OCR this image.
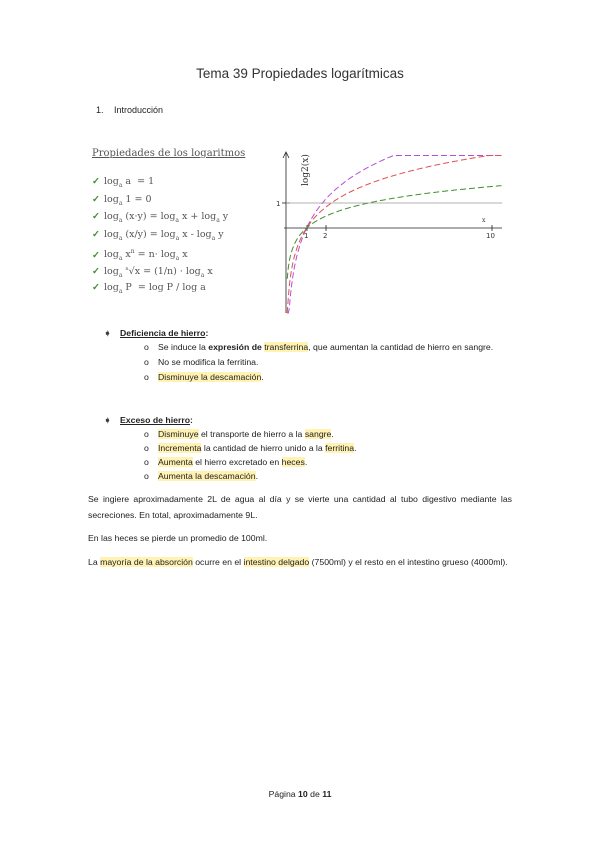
Tema 39 Propiedades logarítmicas
1. Introducción
Propiedades de los logaritmos
✓ $\log_a a = 1$
✓ $\log_a 1 = 0$
✓ $\log_a (x\cdot y) = \log_a x + \log_a y$
✓ $\log_a (x/y) = \log_a x - \log_a y$
✓ $\log_a x^n = n\cdot \log_a x$
✓ $\log_a ^n√x = (1/n) \cdot \log_a x$
✓ $\log_a P = \log P / \log a$
log2(x)
1
1 2	10
x
➧ Deficiencia de hierro:
o Se induce la expresión de transferrina, que aumentan la cantidad de hierro en sangre.
o No se modifica la ferritina.
o Disminuye la descamación.
➧ Exceso de hierro:
o Disminuye el transporte de hierro a la sangre.
o Incrementa la cantidad de hierro unido a la ferritina.
o Aumenta el hierro excretado en heces.
o Aumenta la descamación.
Se ingiere aproximadamente 2L de agua al día y se vierte una cantidad al tubo digestivo mediante las secreciones. En total, aproximadamente 9L.
En las heces se pierde un promedio de 100ml.
La mayoría de la absorción ocurre en el intestino delgado (7500ml) y el resto en el intestino grueso (4000ml).
Página 10 de 11
